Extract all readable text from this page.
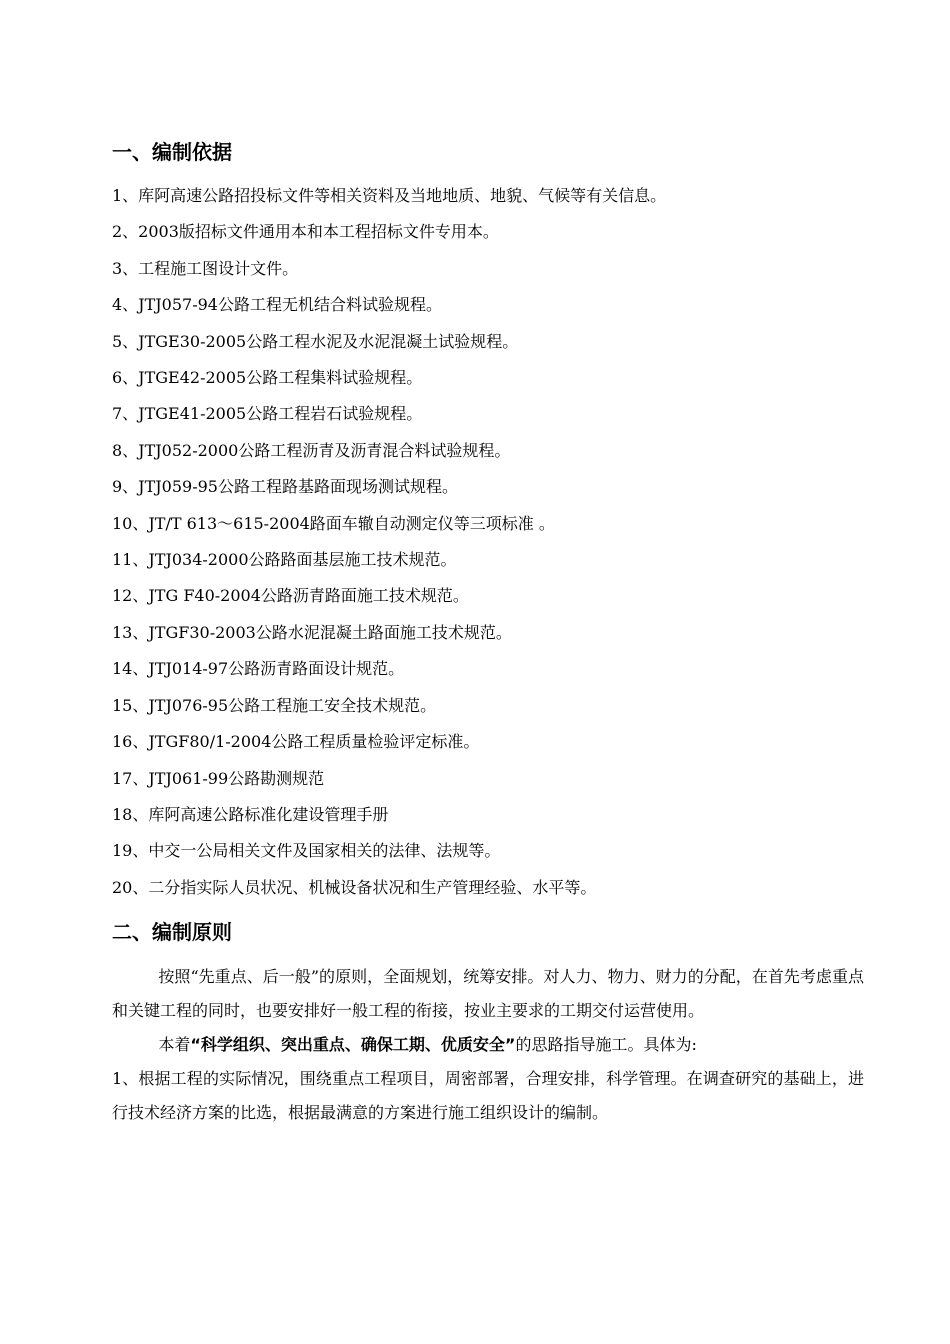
一、编制依据
1、库阿高速公路招投标文件等相关资料及当地地质、地貌、气候等有关信息。
2、2003版招标文件通用本和本工程招标文件专用本。
3、工程施工图设计文件。
4、JTJ057-94公路工程无机结合料试验规程。
5、JTGE30-2005公路工程水泥及水泥混凝土试验规程。
6、JTGE42-2005公路工程集料试验规程。
7、JTGE41-2005公路工程岩石试验规程。
8、JTJ052-2000公路工程沥青及沥青混合料试验规程。
9、JTJ059-95公路工程路基路面现场测试规程。
10、JT/T 613～615-2004路面车辙自动测定仪等三项标准 。
11、JTJ034-2000公路路面基层施工技术规范。
12、JTG F40-2004公路沥青路面施工技术规范。
13、JTGF30-2003公路水泥混凝土路面施工技术规范。
14、JTJ014-97公路沥青路面设计规范。
15、JTJ076-95公路工程施工安全技术规范。
16、JTGF80/1-2004公路工程质量检验评定标准。
17、JTJ061-99公路勘测规范
18、库阿高速公路标准化建设管理手册
19、中交一公局相关文件及国家相关的法律、法规等。
20、二分指实际人员状况、机械设备状况和生产管理经验、水平等。
二、编制原则

按照“先重点、后一般”的原则，全面规划，统筹安排。对人力、物力、财力的分配，在首先考虑重点和关键工程的同时，也要安排好一般工程的衔接，按业主要求的工期交付运营使用。

本着“科学组织、突出重点、确保工期、优质安全”的思路指导施工。具体为:

1、根据工程的实际情况，围绕重点工程项目，周密部署，合理安排，科学管理。在调查研究的基础上，进行技术经济方案的比选，根据最满意的方案进行施工组织设计的编制。
